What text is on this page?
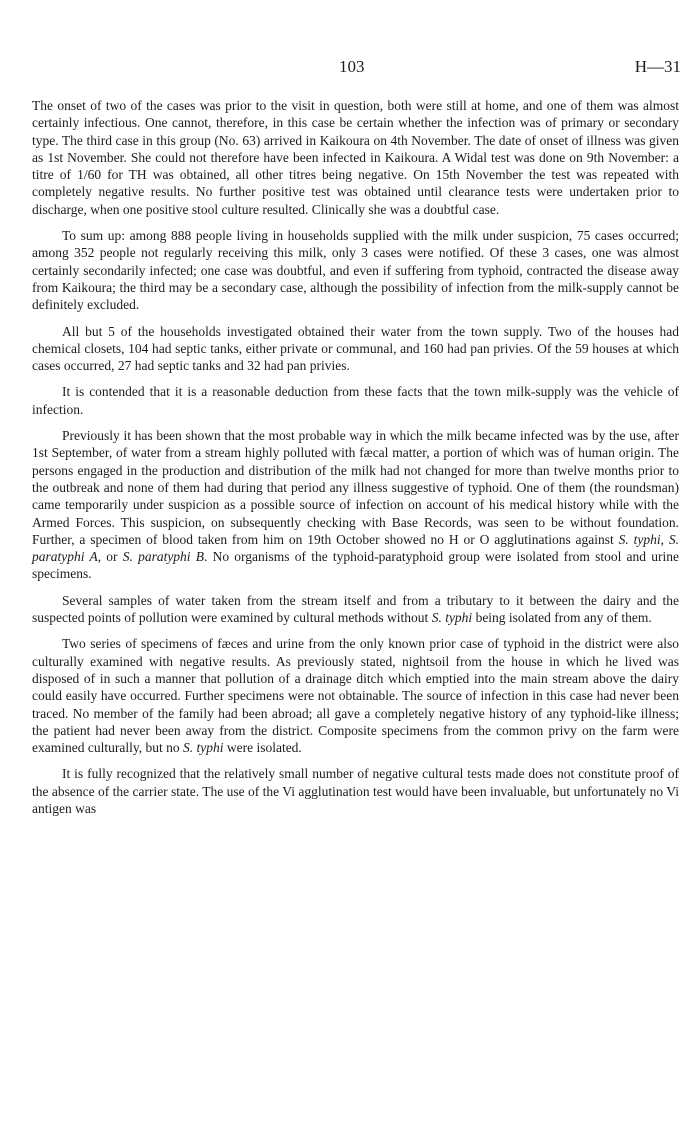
103	H—31

The onset of two of the cases was prior to the visit in question, both were still at home, and one of them was almost certainly infectious. One cannot, therefore, in this case be certain whether the infection was of primary or secondary type. The third case in this group (No. 63) arrived in Kaikoura on 4th November. The date of onset of illness was given as 1st November. She could not therefore have been infected in Kaikoura. A Widal test was done on 9th November: a titre of 1/60 for TH was obtained, all other titres being negative. On 15th November the test was repeated with completely negative results. No further positive test was obtained until clearance tests were undertaken prior to discharge, when one positive stool culture resulted. Clinically she was a doubtful case.

To sum up: among 888 people living in households supplied with the milk under suspicion, 75 cases occurred; among 352 people not regularly receiving this milk, only 3 cases were notified. Of these 3 cases, one was almost certainly secondarily infected; one case was doubtful, and even if suffering from typhoid, contracted the disease away from Kaikoura; the third may be a secondary case, although the possibility of infection from the milk-supply cannot be definitely excluded.

All but 5 of the households investigated obtained their water from the town supply. Two of the houses had chemical closets, 104 had septic tanks, either private or communal, and 160 had pan privies. Of the 59 houses at which cases occurred, 27 had septic tanks and 32 had pan privies.

It is contended that it is a reasonable deduction from these facts that the town milk-supply was the vehicle of infection.

Previously it has been shown that the most probable way in which the milk became infected was by the use, after 1st September, of water from a stream highly polluted with fæcal matter, a portion of which was of human origin. The persons engaged in the production and distribution of the milk had not changed for more than twelve months prior to the outbreak and none of them had during that period any illness suggestive of typhoid. One of them (the roundsman) came temporarily under suspicion as a possible source of infection on account of his medical history while with the Armed Forces. This suspicion, on subsequently checking with Base Records, was seen to be without foundation. Further, a specimen of blood taken from him on 19th October showed no H or O agglutinations against S. typhi, S. paratyphi A, or S. paratyphi B. No organisms of the typhoid-paratyphoid group were isolated from stool and urine specimens.

Several samples of water taken from the stream itself and from a tributary to it between the dairy and the suspected points of pollution were examined by cultural methods without S. typhi being isolated from any of them.

Two series of specimens of fæces and urine from the only known prior case of typhoid in the district were also culturally examined with negative results. As previously stated, nightsoil from the house in which he lived was disposed of in such a manner that pollution of a drainage ditch which emptied into the main stream above the dairy could easily have occurred. Further specimens were not obtainable. The source of infection in this case had never been traced. No member of the family had been abroad; all gave a completely negative history of any typhoid-like illness; the patient had never been away from the district. Composite specimens from the common privy on the farm were examined culturally, but no S. typhi were isolated.

It is fully recognized that the relatively small number of negative cultural tests made does not constitute proof of the absence of the carrier state. The use of the Vi agglutination test would have been invaluable, but unfortunately no Vi antigen was
